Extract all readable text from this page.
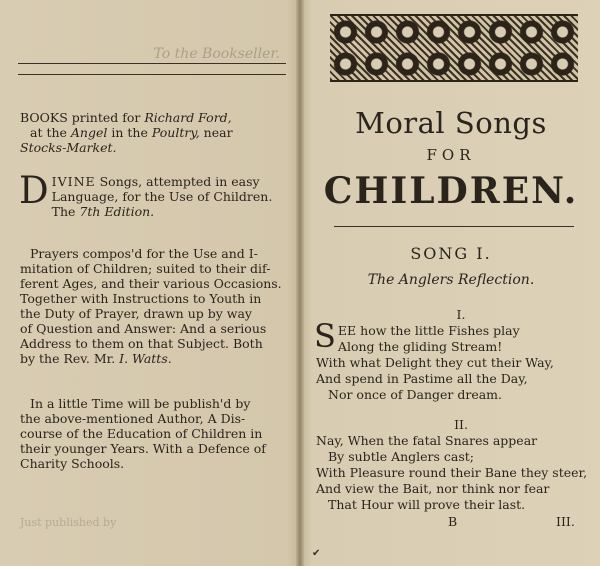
To the Bookseller.
BOOKS printed for Richard Ford,
at the Angel in the Poultry, near
Stocks-Market.
D IVINE Songs, attempted in easy
Language, for the Use of Children.
The 7th Edition.
Prayers compos'd for the Use and I-
mitation of Children; suited to their dif-
ferent Ages, and their various Occasions.
Together with Instructions to Youth in
the Duty of Prayer, drawn up by way
of Question and Answer: And a serious
Address to them on that Subject. Both
by the Rev. Mr. I. Watts.
In a little Time will be publish'd by
the above-mentioned Author, A Dis-
course of the Education of Children in
their younger Years. With a Defence of
Charity Schools.
Just published by
Moral Songs
FOR
CHILDREN.
SONG I.
The Anglers Reflection.
I.
S EE how the little Fishes play
Along the gliding Stream!
With what Delight they cut their Way,
And spend in Pastime all the Day,
Nor once of Danger dream.
II.
Nay, When the fatal Snares appear
By subtle Anglers cast;
With Pleasure round their Bane they steer,
And view the Bait, nor think nor fear
That Hour will prove their last.
B	III.
✔
